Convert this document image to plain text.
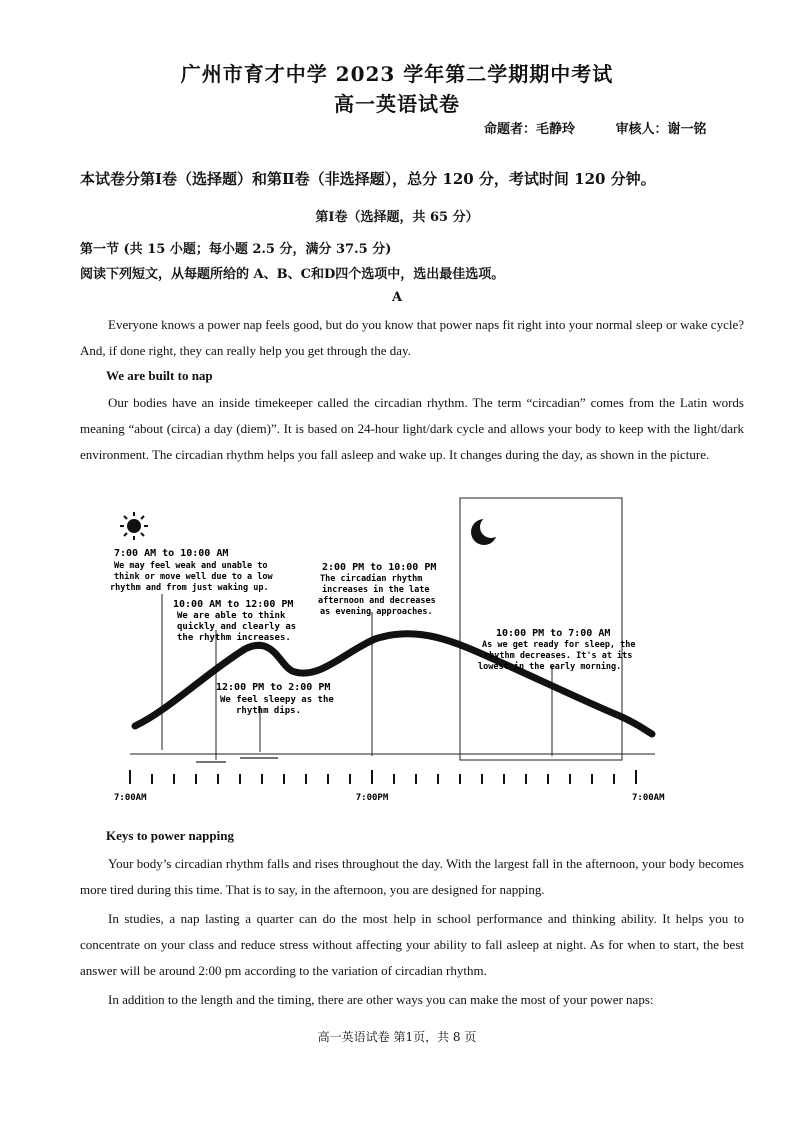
广州市育才中学 2023 学年第二学期期中考试
高一英语试卷
命题者：毛静玲	审核人：谢一铭
本试卷分第Ⅰ卷（选择题）和第Ⅱ卷（非选择题），总分 120 分，考试时间 120 分钟。
第Ⅰ卷（选择题，共 65 分）
第一节 (共 15 小题；每小题 2.5 分，满分 37.5 分)
阅读下列短文，从每题所给的 A、B、C和D四个选项中，选出最佳选项。
A
Everyone knows a power nap feels good, but do you know that power naps fit right into your normal sleep or wake cycle? And, if done right, they can really help you get through the day.
We are built to nap
Our bodies have an inside timekeeper called the circadian rhythm. The term “circadian” comes from the Latin words meaning “about (circa) a day (diem)”. It is based on 24-hour light/dark cycle and allows your body to keep with the light/dark environment. The circadian rhythm helps you fall asleep and wake up. It changes during the day, as shown in the picture.
7:00AM	7:00PM	7:00AM
7:00 AM to 10:00 AM
We may feel weak and unable to
think or move well due to a low
rhythm and from just waking up.
10:00 AM to 12:00 PM
We are able to think
quickly and clearly as
the rhythm increases.
12:00 PM to 2:00 PM
We feel sleepy as the
rhythm dips.
2:00 PM to 10:00 PM
The circadian rhythm
increases in the late
afternoon and decreases
as evening approaches.
10:00 PM to 7:00 AM
As we get ready for sleep, the
rhythm decreases. It's at its
lowest in the early morning.
Keys to power napping
Your body’s circadian rhythm falls and rises throughout the day. With the largest fall in the afternoon, your body becomes more tired during this time. That is to say, in the afternoon, you are designed for napping.
In studies, a nap lasting a quarter can do the most help in school performance and thinking ability. It helps you to concentrate on your class and reduce stress without affecting your ability to fall asleep at night. As for when to start, the best answer will be around 2:00 pm according to the variation of circadian rhythm.
In addition to the length and the timing, there are other ways you can make the most of your power naps:
高一英语试卷 第1页，共 8 页
